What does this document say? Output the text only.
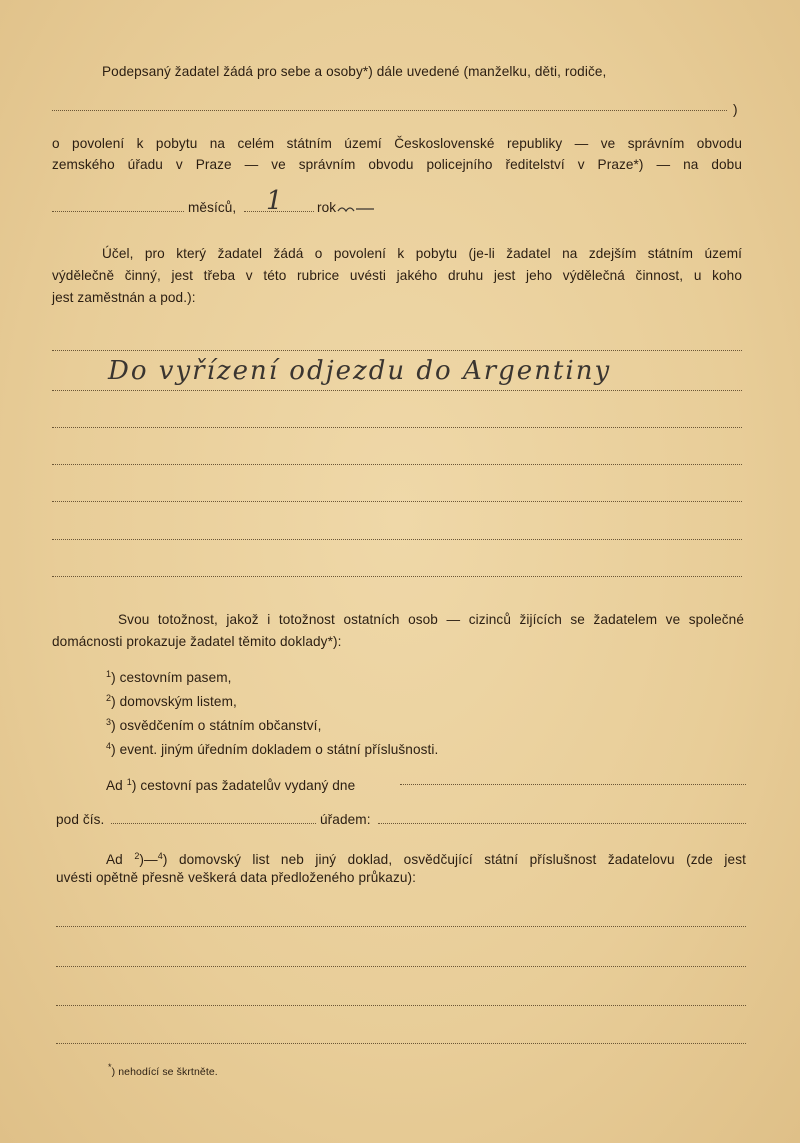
Podepsaný žadatel žádá pro sebe a osoby*) dále uvedené (manželku, děti, rodiče,
)
o povolení k pobytu na celém státním území Československé republiky — ve správním obvodu
zemského úřadu v Praze — ve správním obvodu policejního ředitelství v Praze*) — na dobu
měsíců, 1	rok
Účel, pro který žadatel žádá o povolení k pobytu (je-li žadatel na zdejším státním území
výdělečně činný, jest třeba v této rubrice uvésti jakého druhu jest jeho výdělečná činnost, u koho
jest zaměstnán a pod.):
Do vyřízení odjezdu do Argentiny
Svou totožnost, jakož i totožnost ostatních osob — cizinců žijících se žadatelem ve společné
domácnosti prokazuje žadatel těmito doklady*):
$^1$) cestovním pasem,
$^2$) domovským listem,
$^3$) osvědčením o státním občanství,
$^4$) event. jiným úředním dokladem o státní příslušnosti.
Ad $^1$) cestovní pas žadatelův vydaný dne
pod čís.	úřadem:
Ad $^2$)—$^4$) domovský list neb jiný doklad, osvědčující státní příslušnost žadatelovu (zde jest
uvésti opětně přesně veškerá data předloženého průkazu):
*) nehodící se škrtněte.
